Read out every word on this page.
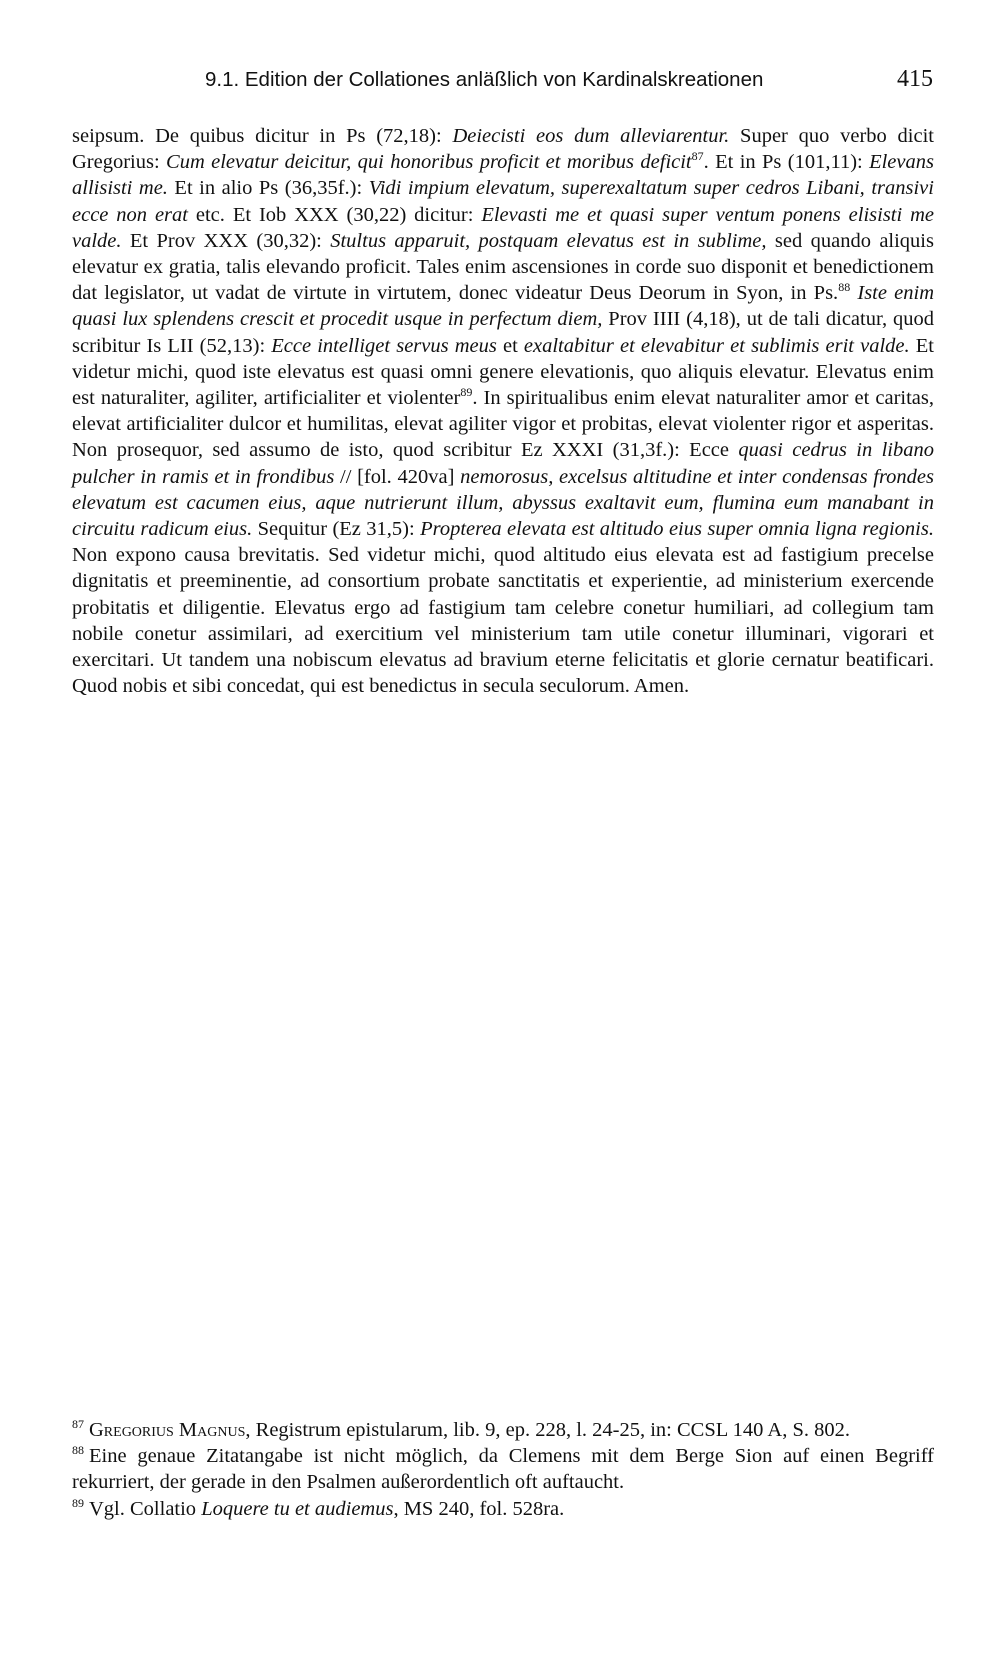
9.1. Edition der Collationes anläßlich von Kardinalskreationen	415

seipsum. De quibus dicitur in Ps (72,18): Deiecisti eos dum alleviarentur. Super quo verbo dicit Gregorius: Cum elevatur deicitur, qui honoribus proficit et moribus deficit$^{87}$. Et in Ps (101,11): Elevans allisisti me. Et in alio Ps (36,35f.): Vidi impium elevatum, superexaltatum super cedros Libani, transivi ecce non erat etc. Et Iob XXX (30,22) dicitur: Elevasti me et quasi super ventum ponens elisisti me valde. Et Prov XXX (30,32): Stultus apparuit, postquam elevatus est in sublime, sed quando aliquis elevatur ex gratia, talis elevando proficit. Tales enim ascensiones in corde suo disponit et benedictionem dat legislator, ut vadat de virtute in virtutem, donec videatur Deus Deorum in Syon, in Ps.$^{88}$ Iste enim quasi lux splendens crescit et procedit usque in perfectum diem, Prov IIII (4,18), ut de tali dicatur, quod scribitur Is LII (52,13): Ecce intelliget servus meus et exaltabitur et elevabitur et sublimis erit valde. Et videtur michi, quod iste elevatus est quasi omni genere elevationis, quo aliquis elevatur. Elevatus enim est naturaliter, agiliter, artificialiter et violenter$^{89}$. In spiritualibus enim elevat naturaliter amor et caritas, elevat artificialiter dulcor et humilitas, elevat agiliter vigor et probitas, elevat violenter rigor et asperitas. Non prosequor, sed assumo de isto, quod scribitur Ez XXXI (31,3f.): Ecce quasi cedrus in libano pulcher in ramis et in frondibus // [fol. 420va] nemorosus, excelsus altitudine et inter condensas frondes elevatum est cacumen eius, aque nutrierunt illum, abyssus exaltavit eum, flumina eum manabant in circuitu radicum eius. Sequitur (Ez 31,5): Propterea elevata est altitudo eius super omnia ligna regionis. Non expono causa brevitatis. Sed videtur michi, quod altitudo eius elevata est ad fastigium precelse dignitatis et preeminentie, ad consortium probate sanctitatis et experientie, ad ministerium exercende probitatis et diligentie. Elevatus ergo ad fastigium tam celebre conetur humiliari, ad collegium tam nobile conetur assimilari, ad exercitium vel ministerium tam utile conetur illuminari, vigorari et exercitari. Ut tandem una nobiscum elevatus ad bravium eterne felicitatis et glorie cernatur beatificari. Quod nobis et sibi concedat, qui est benedictus in secula seculorum. Amen.

$^{87}$ Gregorius Magnus, Registrum epistularum, lib. 9, ep. 228, l. 24-25, in: CCSL 140 A, S. 802.

$^{88}$ Eine genaue Zitatangabe ist nicht möglich, da Clemens mit dem Berge Sion auf einen Begriff rekurriert, der gerade in den Psalmen außerordentlich oft auftaucht.

$^{89}$ Vgl. Collatio Loquere tu et audiemus, MS 240, fol. 528ra.
